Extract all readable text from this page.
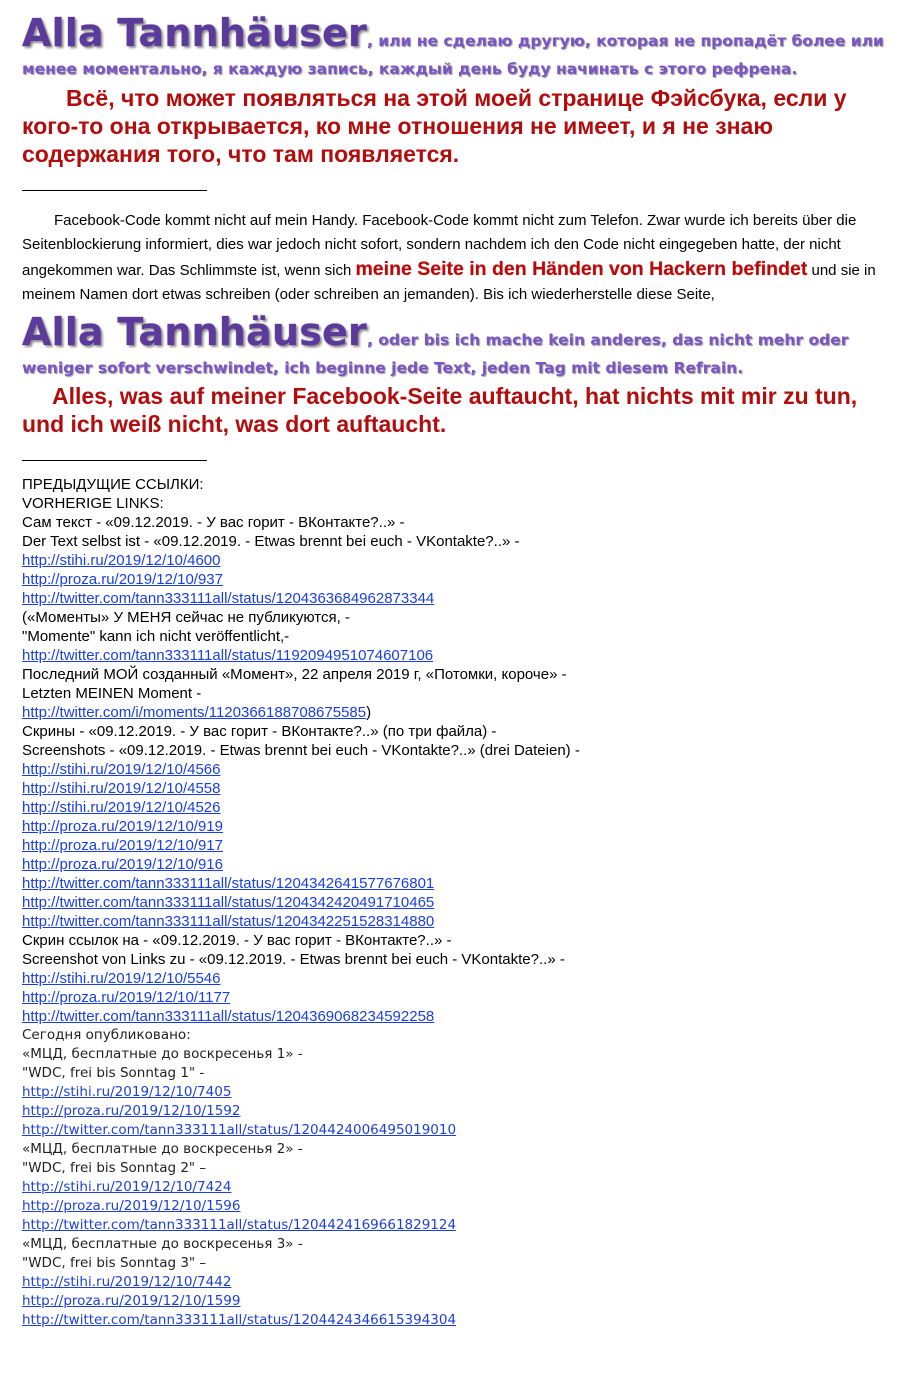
Alla Tannhäuser, или не сделаю другую, которая не пропадёт более или
менее моментально, я каждую запись, каждый день буду начинать с этого рефрена.

Всё, что может появляться на этой моей странице Фэйсбука, если у кого-то она открывается, ко мне отношения не имеет, и я не знаю содержания того, что там появляется.

Facebook-Code kommt nicht auf mein Handy. Facebook-Code kommt nicht zum Telefon. Zwar wurde ich bereits über die Seitenblockierung informiert, dies war jedoch nicht sofort, sondern nachdem ich den Code nicht eingegeben hatte, der nicht angekommen war. Das Schlimmste ist, wenn sich meine Seite in den Händen von Hackern befindet und sie in meinem Namen dort etwas schreiben (oder schreiben an jemanden). Bis ich wiederherstelle diese Seite,

Alla Tannhäuser, oder bis ich mache kein anderes, das nicht mehr oder
weniger sofort verschwindet, ich beginne jede Text, jeden Tag mit diesem Refrain.

Alles, was auf meiner Facebook-Seite auftaucht, hat nichts mit mir zu tun, und ich weiß nicht, was dort auftaucht.

ПРЕДЫДУЩИЕ ССЫЛКИ:
VORHERIGE LINKS:
Сам текст - «09.12.2019. - У вас горит - ВКонтакте?..» -
Der Text selbst ist - «09.12.2019. - Etwas brennt bei euch - VKontakte?..» -
http://stihi.ru/2019/12/10/4600
http://proza.ru/2019/12/10/937
http://twitter.com/tann333111all/status/1204363684962873344
(«Моменты» У МЕНЯ сейчас не публикуются, -
"Momente" kann ich nicht veröffentlicht,-
http://twitter.com/tann333111all/status/1192094951074607106
Последний МОЙ созданный «Момент», 22 апреля 2019 г, «Потомки, короче» -
Letzten MEINEN Moment -
http://twitter.com/i/moments/1120366188708675585)
Скрины - «09.12.2019. - У вас горит - ВКонтакте?..» (по три файла) -
Screenshots - «09.12.2019. - Etwas brennt bei euch - VKontakte?..» (drei Dateien) -
http://stihi.ru/2019/12/10/4566
http://stihi.ru/2019/12/10/4558
http://stihi.ru/2019/12/10/4526
http://proza.ru/2019/12/10/919
http://proza.ru/2019/12/10/917
http://proza.ru/2019/12/10/916
http://twitter.com/tann333111all/status/1204342641577676801
http://twitter.com/tann333111all/status/1204342420491710465
http://twitter.com/tann333111all/status/1204342251528314880
Скрин ссылок на - «09.12.2019. - У вас горит - ВКонтакте?..» -
Screenshot von Links zu - «09.12.2019. - Etwas brennt bei euch - VKontakte?..» -
http://stihi.ru/2019/12/10/5546
http://proza.ru/2019/12/10/1177
http://twitter.com/tann333111all/status/1204369068234592258
Сегодня опубликовано:
«МЦД, бесплатные до воскресенья 1» -
"WDC, frei bis Sonntag 1" -
http://stihi.ru/2019/12/10/7405
http://proza.ru/2019/12/10/1592
http://twitter.com/tann333111all/status/1204424006495019010
«МЦД, бесплатные до воскресенья 2» -
"WDC, frei bis Sonntag 2" –
http://stihi.ru/2019/12/10/7424
http://proza.ru/2019/12/10/1596
http://twitter.com/tann333111all/status/1204424169661829124
«МЦД, бесплатные до воскресенья 3» -
"WDC, frei bis Sonntag 3" –
http://stihi.ru/2019/12/10/7442
http://proza.ru/2019/12/10/1599
http://twitter.com/tann333111all/status/1204424346615394304
